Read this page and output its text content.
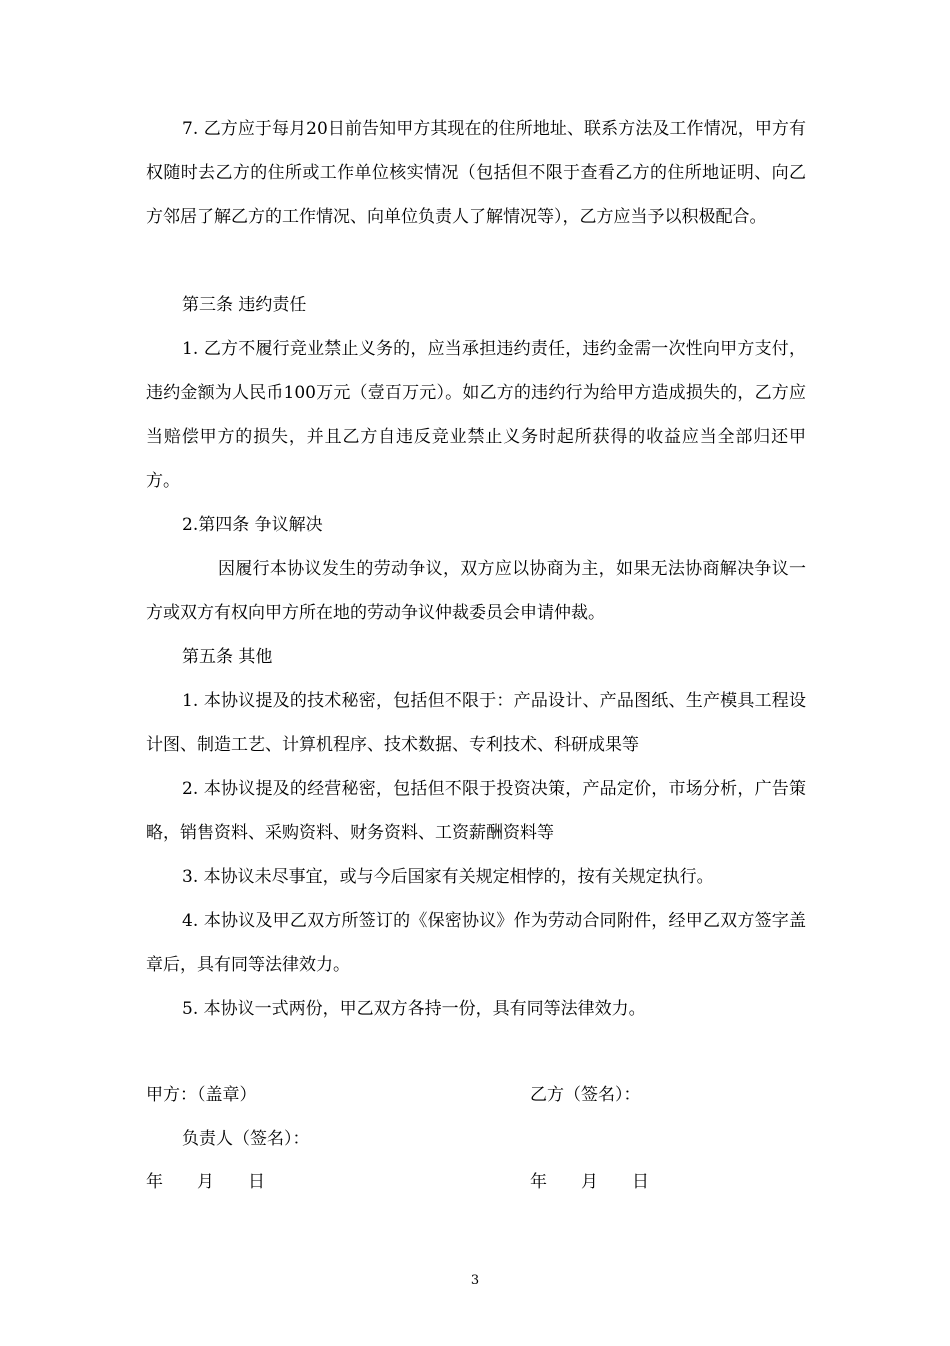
7. 乙方应于每月20日前告知甲方其现在的住所地址、联系方法及工作情况，甲方有权随时去乙方的住所或工作单位核实情况（包括但不限于查看乙方的住所地证明、向乙方邻居了解乙方的工作情况、向单位负责人了解情况等），乙方应当予以积极配合。

第三条 违约责任

1. 乙方不履行竞业禁止义务的，应当承担违约责任，违约金需一次性向甲方支付，违约金额为人民币100万元（壹百万元）。如乙方的违约行为给甲方造成损失的，乙方应当赔偿甲方的损失，并且乙方自违反竞业禁止义务时起所获得的收益应当全部归还甲方。

2.第四条 争议解决

因履行本协议发生的劳动争议，双方应以协商为主，如果无法协商解决争议一方或双方有权向甲方所在地的劳动争议仲裁委员会申请仲裁。

第五条 其他

1. 本协议提及的技术秘密，包括但不限于：产品设计、产品图纸、生产模具工程设计图、制造工艺、计算机程序、技术数据、专利技术、科研成果等

2. 本协议提及的经营秘密，包括但不限于投资决策，产品定价，市场分析，广告策略，销售资料、采购资料、财务资料、工资薪酬资料等

3. 本协议未尽事宜，或与今后国家有关规定相悖的，按有关规定执行。

4. 本协议及甲乙双方所签订的《保密协议》作为劳动合同附件，经甲乙双方签字盖章后，具有同等法律效力。

5. 本协议一式两份，甲乙双方各持一份，具有同等法律效力。

甲方：（盖章）	乙方（签名）：

负责人（签名）：

年　　月　　日	年　　月　　日

3
